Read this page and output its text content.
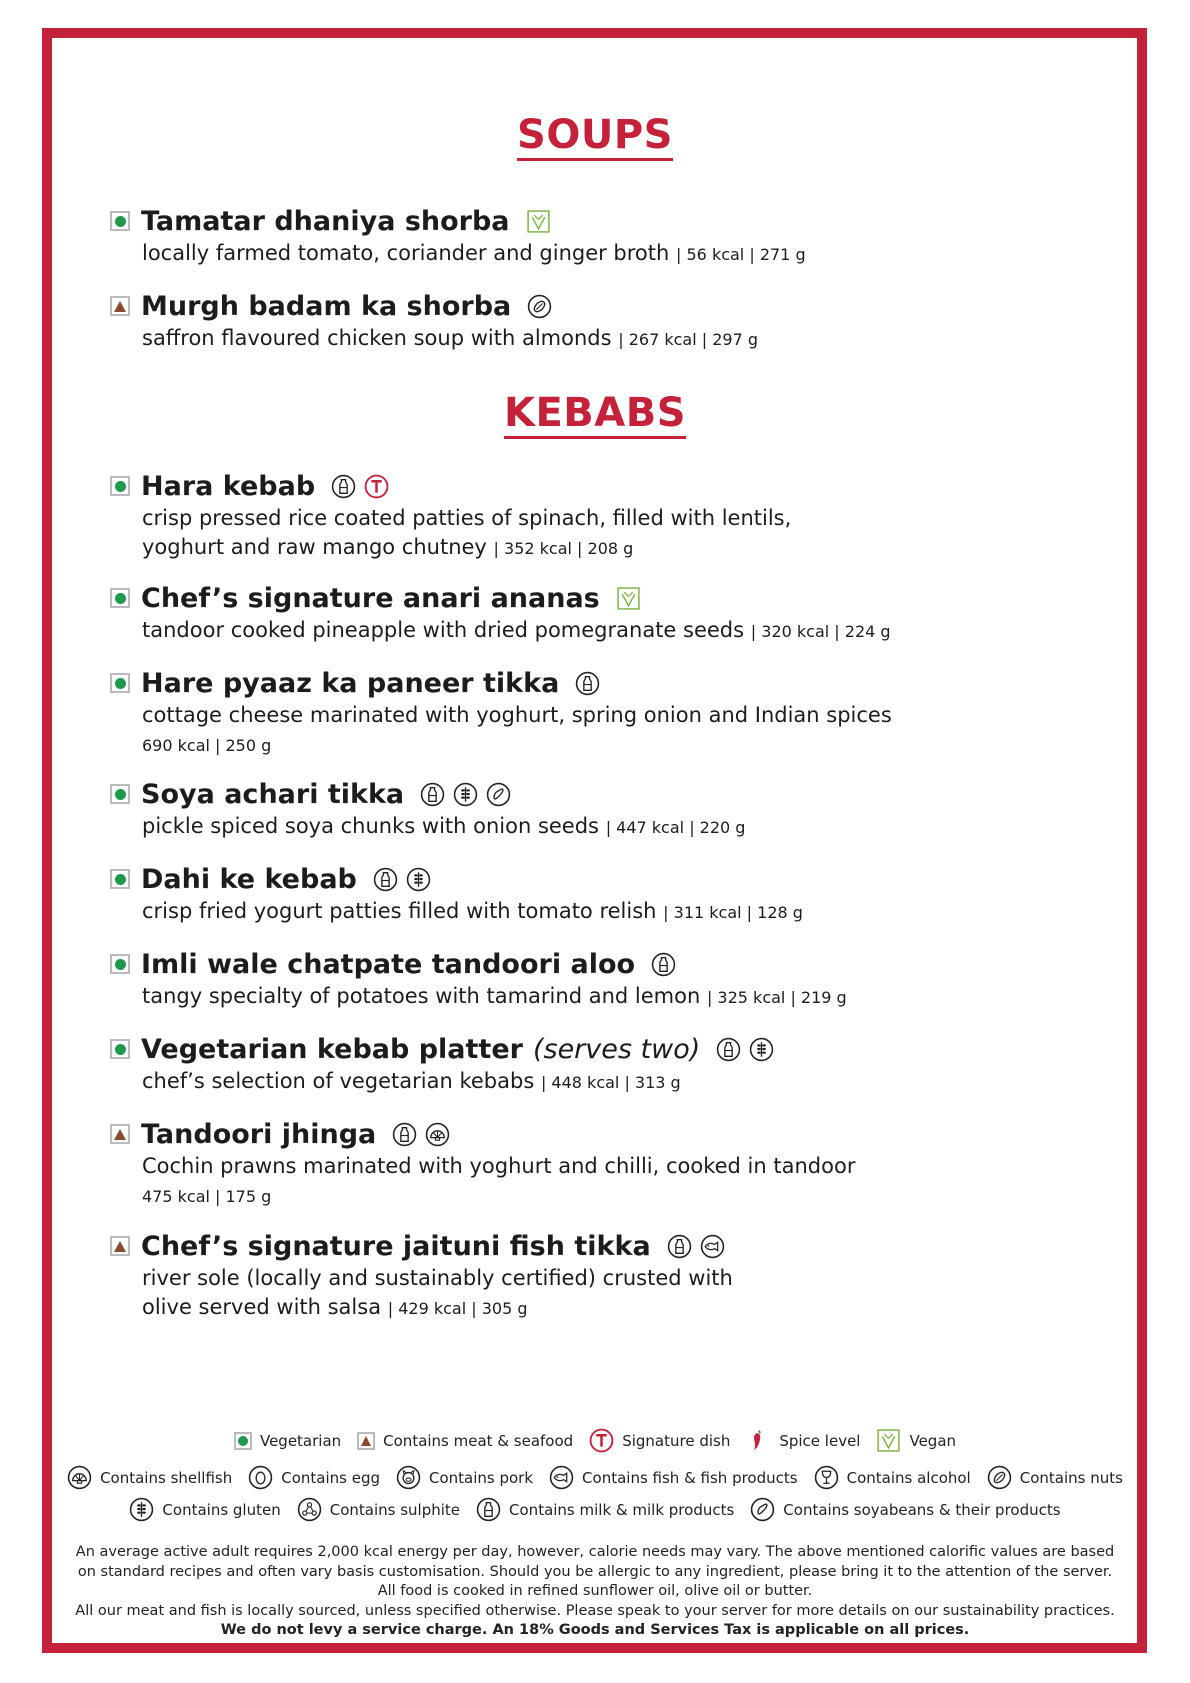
SOUPS
Tamatar dhaniya shorba
locally farmed tomato, coriander and ginger broth | 56 kcal | 271 g
Murgh badam ka shorba
saffron flavoured chicken soup with almonds | 267 kcal | 297 g
KEBABS
Hara kebab
crisp pressed rice coated patties of spinach, filled with lentils,
yoghurt and raw mango chutney | 352 kcal | 208 g
Chef’s signature anari ananas
tandoor cooked pineapple with dried pomegranate seeds | 320 kcal | 224 g
Hare pyaaz ka paneer tikka
cottage cheese marinated with yoghurt, spring onion and Indian spices
690 kcal | 250 g
Soya achari tikka
pickle spiced soya chunks with onion seeds | 447 kcal | 220 g
Dahi ke kebab
crisp fried yogurt patties filled with tomato relish | 311 kcal | 128 g
Imli wale chatpate tandoori aloo
tangy specialty of potatoes with tamarind and lemon | 325 kcal | 219 g
Vegetarian kebab platter (serves two)
chef’s selection of vegetarian kebabs | 448 kcal | 313 g
Tandoori jhinga
Cochin prawns marinated with yoghurt and chilli, cooked in tandoor
475 kcal | 175 g
Chef’s signature jaituni fish tikka
river sole (locally and sustainably certified) crusted with
olive served with salsa | 429 kcal | 305 g
Vegetarian	Contains meat & seafood	Signature dish	Spice level	Vegan
Contains shellfish	Contains egg	Contains pork	Contains fish & fish products	Contains alcohol	Contains nuts
Contains gluten	Contains sulphite	Contains milk & milk products	Contains soyabeans & their products
An average active adult requires 2,000 kcal energy per day, however, calorie needs may vary. The above mentioned calorific values are based
on standard recipes and often vary basis customisation. Should you be allergic to any ingredient, please bring it to the attention of the server.
All food is cooked in refined sunflower oil, olive oil or butter.
All our meat and fish is locally sourced, unless specified otherwise. Please speak to your server for more details on our sustainability practices.
We do not levy a service charge. An 18% Goods and Services Tax is applicable on all prices.
